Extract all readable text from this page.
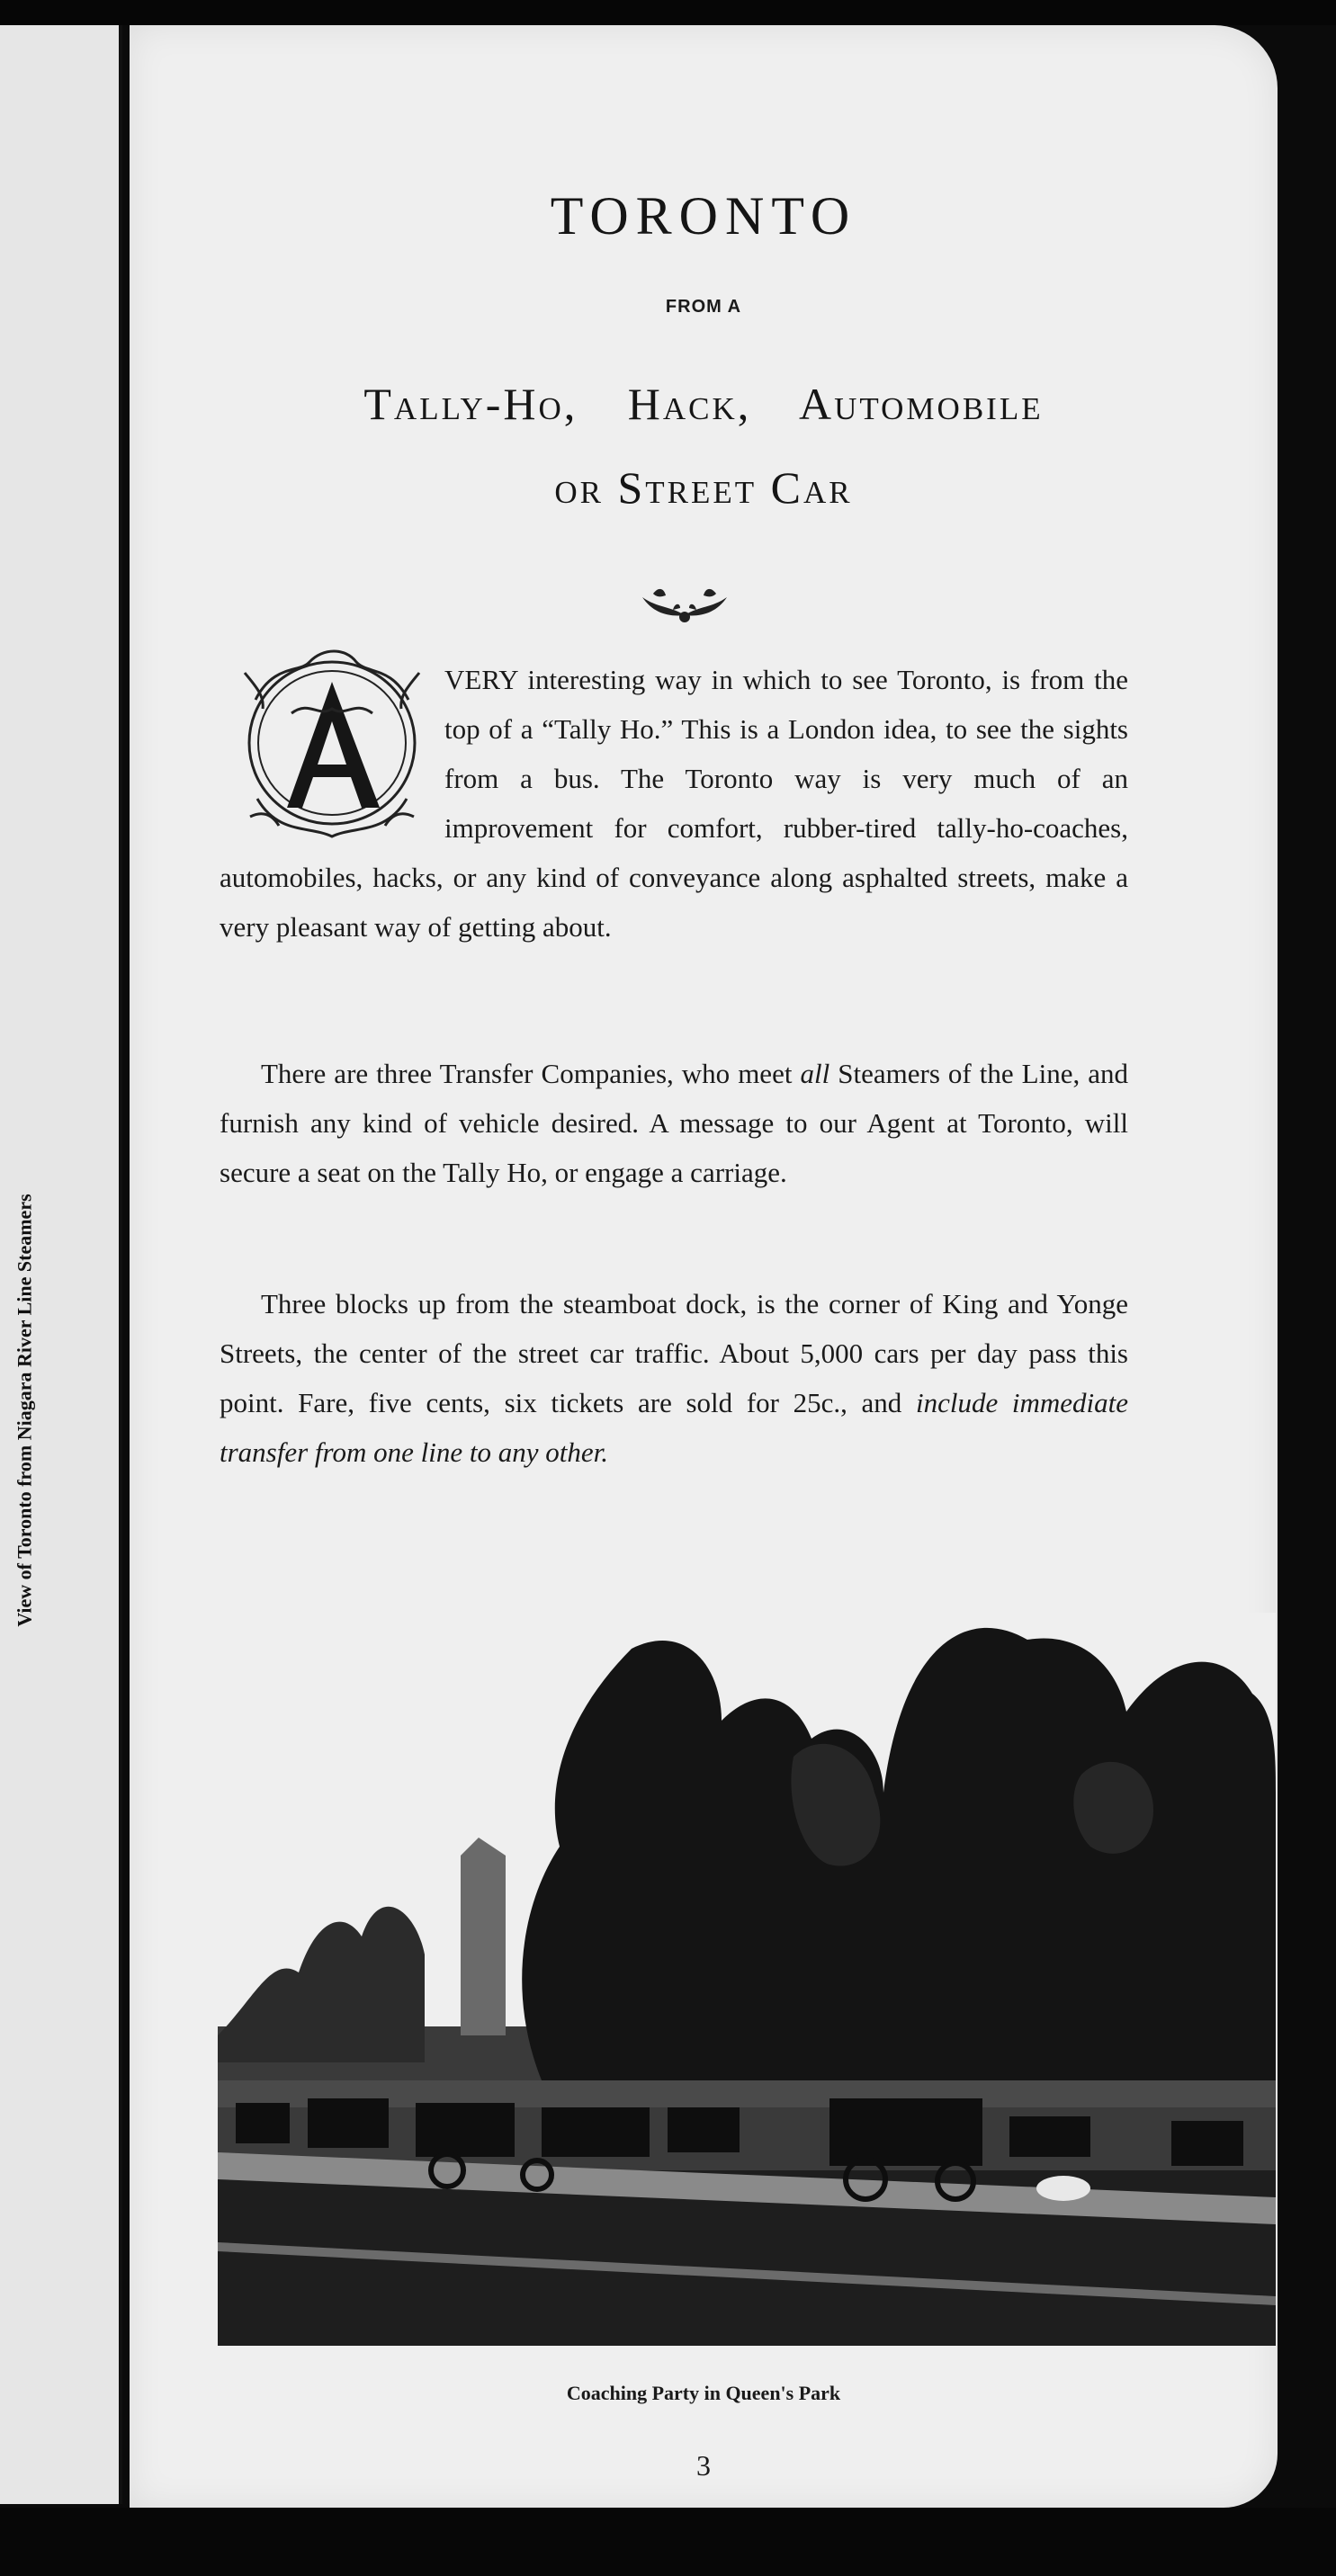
View of Toronto from Niagara River Line Steamers
TORONTO
FROM A
Tally-Ho, Hack, Automobile
or Street Car

VERY interesting way in which to see Toronto, is from the top of a “Tally Ho.” This is a London idea, to see the sights from a bus. The Toronto way is very much of an improvement for comfort, rubber-tired tally-ho-coaches, automobiles, hacks, or any kind of conveyance along asphalted streets, make a very pleasant way of getting about.

There are three Transfer Companies, who meet all Steamers of the Line, and furnish any kind of vehicle desired. A message to our Agent at Toronto, will secure a seat on the Tally Ho, or engage a carriage.

Three blocks up from the steamboat dock, is the corner of King and Yonge Streets, the center of the street car traffic. About 5,000 cars per day pass this point. Fare, five cents, six tickets are sold for 25c., and include immediate transfer from one line to any other.

Coaching Party in Queen's Park
3
